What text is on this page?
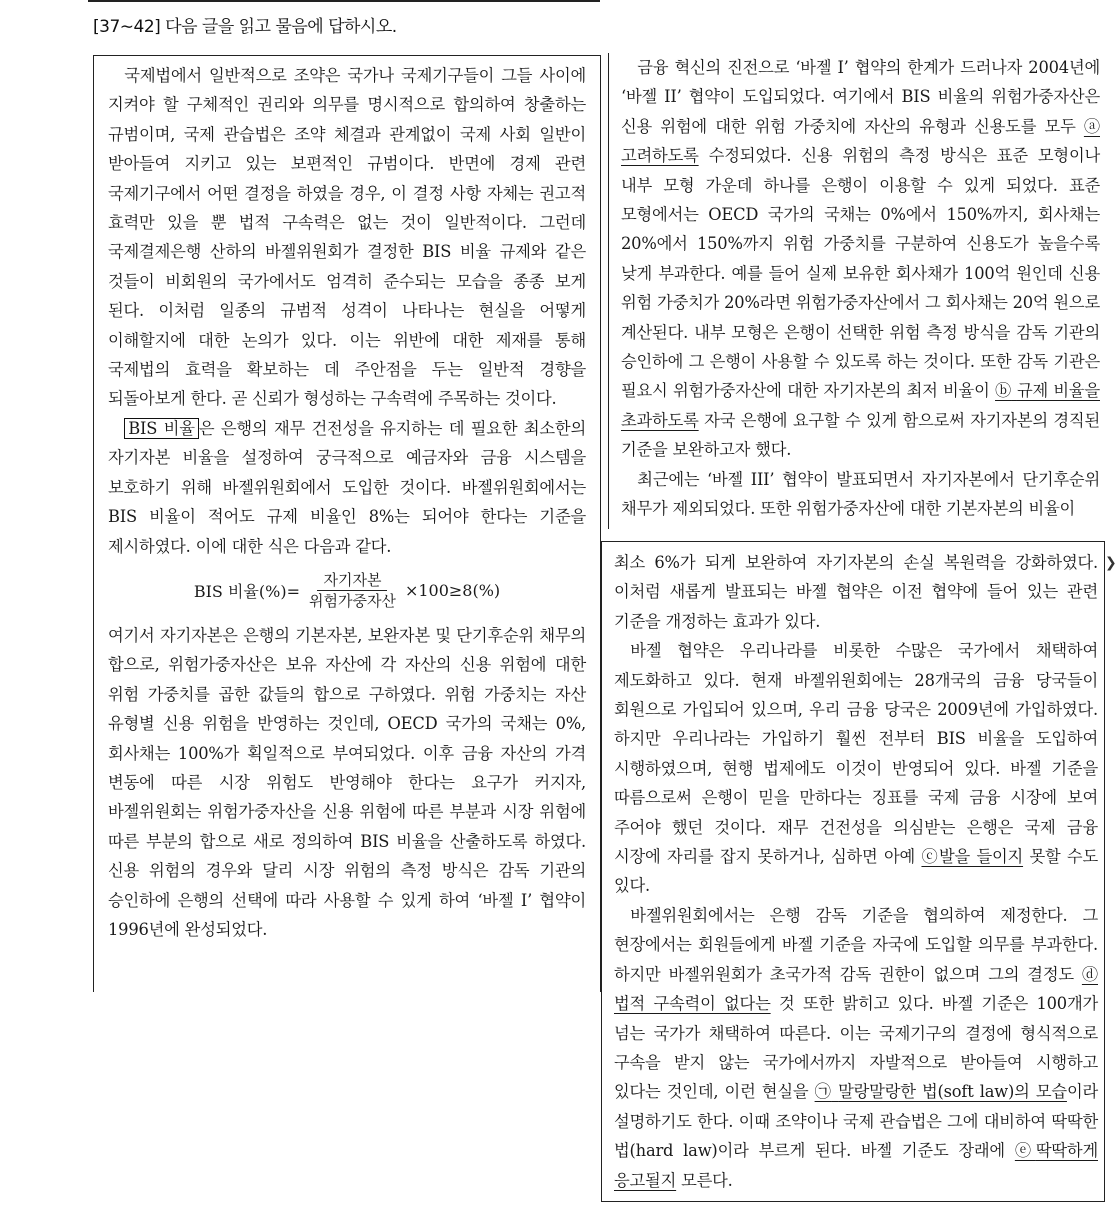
[37∼42] 다음 글을 읽고 물음에 답하시오.

국제법에서 일반적으로 조약은 국가나 국제기구들이 그들 사이에 지켜야 할 구체적인 권리와 의무를 명시적으로 합의하여 창출하는 규범이며, 국제 관습법은 조약 체결과 관계없이 국제 사회 일반이 받아들여 지키고 있는 보편적인 규범이다. 반면에 경제 관련 국제기구에서 어떤 결정을 하였을 경우, 이 결정 사항 자체는 권고적 효력만 있을 뿐 법적 구속력은 없는 것이 일반적이다. 그런데 국제결제은행 산하의 바젤위원회가 결정한 BIS 비율 규제와 같은 것들이 비회원의 국가에서도 엄격히 준수되는 모습을 종종 보게 된다. 이처럼 일종의 규범적 성격이 나타나는 현실을 어떻게 이해할지에 대한 논의가 있다. 이는 위반에 대한 제재를 통해 국제법의 효력을 확보하는 데 주안점을 두는 일반적 경향을 되돌아보게 한다. 곧 신뢰가 형성하는 구속력에 주목하는 것이다.

BIS 비율 은 은행의 재무 건전성을 유지하는 데 필요한 최소한의 자기자본 비율을 설정하여 궁극적으로 예금자와 금융 시스템을 보호하기 위해 바젤위원회에서 도입한 것이다. 바젤위원회에서는 BIS 비율이 적어도 규제 비율인 8%는 되어야 한다는 기준을 제시하였다. 이에 대한 식은 다음과 같다.

BIS 비율(%)= $\frac{\text{자기자본}}{\text{위험가중자산}} \times 100\ge 8(\%)$

여기서 자기자본은 은행의 기본자본, 보완자본 및 단기후순위 채무의 합으로, 위험가중자산은 보유 자산에 각 자산의 신용 위험에 대한 위험 가중치를 곱한 값들의 합으로 구하였다. 위험 가중치는 자산 유형별 신용 위험을 반영하는 것인데, OECD 국가의 국채는 0%, 회사채는 100%가 획일적으로 부여되었다. 이후 금융 자산의 가격 변동에 따른 시장 위험도 반영해야 한다는 요구가 커지자, 바젤위원회는 위험가중자산을 신용 위험에 따른 부분과 시장 위험에 따른 부분의 합으로 새로 정의하여 BIS 비율을 산출하도록 하였다. 신용 위험의 경우와 달리 시장 위험의 측정 방식은 감독 기관의 승인하에 은행의 선택에 따라 사용할 수 있게 하여 ‘바젤 I’ 협약이 1996년에 완성되었다.

금융 혁신의 진전으로 ‘바젤 I’ 협약의 한계가 드러나자 2004년에 ‘바젤 II’ 협약이 도입되었다. 여기에서 BIS 비율의 위험가중자산은 신용 위험에 대한 위험 가중치에 자산의 유형과 신용도를 모두 ⓐ고려하도록 수정되었다. 신용 위험의 측정 방식은 표준 모형이나 내부 모형 가운데 하나를 은행이 이용할 수 있게 되었다. 표준 모형에서는 OECD 국가의 국채는 0%에서 150%까지, 회사채는 20%에서 150%까지 위험 가중치를 구분하여 신용도가 높을수록 낮게 부과한다. 예를 들어 실제 보유한 회사채가 100억 원인데 신용 위험 가중치가 20%라면 위험가중자산에서 그 회사채는 20억 원으로 계산된다. 내부 모형은 은행이 선택한 위험 측정 방식을 감독 기관의 승인하에 그 은행이 사용할 수 있도록 하는 것이다. 또한 감독 기관은 필요시 위험가중자산에 대한 자기자본의 최저 비율이 ⓑ 규제 비율을 초과하도록 자국 은행에 요구할 수 있게 함으로써 자기자본의 경직된 기준을 보완하고자 했다.

최근에는 ‘바젤 III’ 협약이 발표되면서 자기자본에서 단기후순위 채무가 제외되었다. 또한 위험가중자산에 대한 기본자본의 비율이

❯

최소 6%가 되게 보완하여 자기자본의 손실 복원력을 강화하였다. 이처럼 새롭게 발표되는 바젤 협약은 이전 협약에 들어 있는 관련 기준을 개정하는 효과가 있다.

바젤 협약은 우리나라를 비롯한 수많은 국가에서 채택하여 제도화하고 있다. 현재 바젤위원회에는 28개국의 금융 당국들이 회원으로 가입되어 있으며, 우리 금융 당국은 2009년에 가입하였다. 하지만 우리나라는 가입하기 훨씬 전부터 BIS 비율을 도입하여 시행하였으며, 현행 법제에도 이것이 반영되어 있다. 바젤 기준을 따름으로써 은행이 믿을 만하다는 징표를 국제 금융 시장에 보여 주어야 했던 것이다. 재무 건전성을 의심받는 은행은 국제 금융 시장에 자리를 잡지 못하거나, 심하면 아예 ⓒ발을 들이지 못할 수도 있다.

바젤위원회에서는 은행 감독 기준을 협의하여 제정한다. 그 현장에서는 회원들에게 바젤 기준을 자국에 도입할 의무를 부과한다. 하지만 바젤위원회가 초국가적 감독 권한이 없으며 그의 결정도 ⓓ 법적 구속력이 없다는 것 또한 밝히고 있다. 바젤 기준은 100개가 넘는 국가가 채택하여 따른다. 이는 국제기구의 결정에 형식적으로 구속을 받지 않는 국가에서까지 자발적으로 받아들여 시행하고 있다는 것인데, 이런 현실을 ㉠ 말랑말랑한 법(soft law)의 모습이라 설명하기도 한다. 이때 조약이나 국제 관습법은 그에 대비하여 딱딱한 법(hard law)이라 부르게 된다. 바젤 기준도 장래에 ⓔ딱딱하게 응고될지 모른다.
